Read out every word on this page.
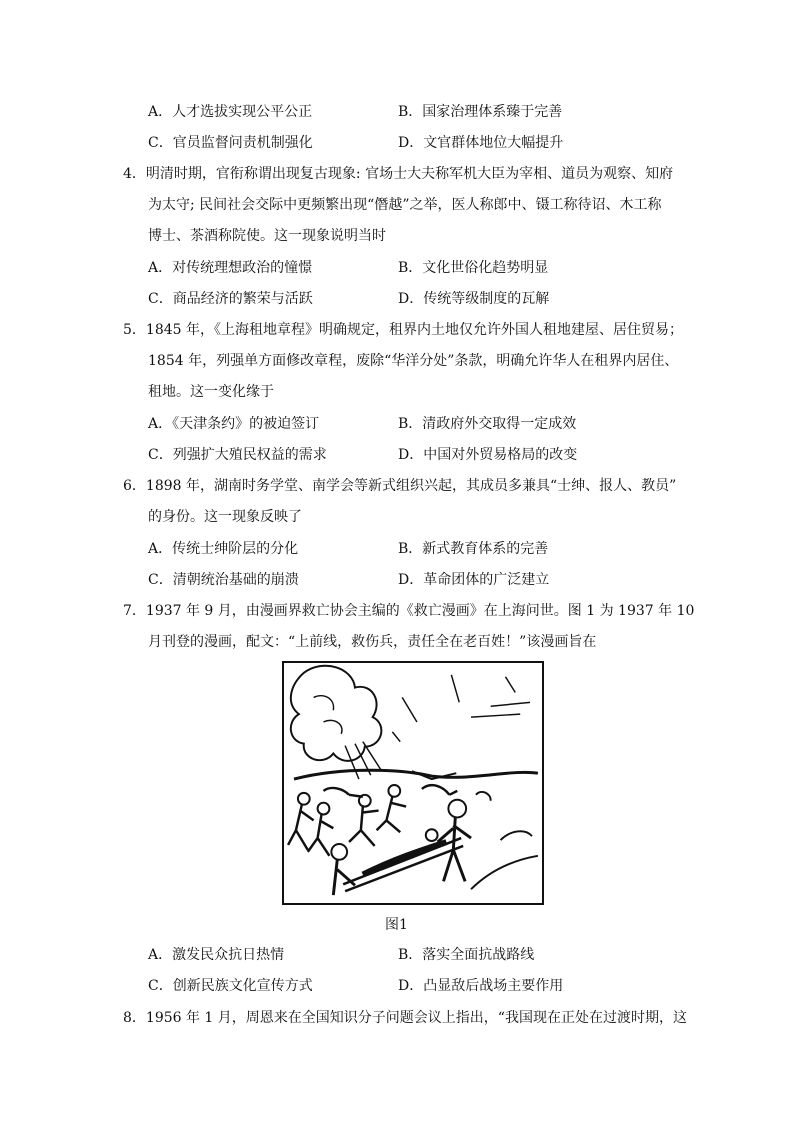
A．人才选拔实现公平公正	B．国家治理体系臻于完善
C．官员监督问责机制强化	D．文官群体地位大幅提升
4．明清时期，官衔称谓出现复古现象: 官场士大夫称军机大臣为宰相、道员为观察、知府
为太守; 民间社会交际中更频繁出现“僭越”之举，医人称郎中、镊工称待诏、木工称
博士、茶酒称院使。这一现象说明当时
A．对传统理想政治的憧憬	B．文化世俗化趋势明显
C．商品经济的繁荣与活跃	D．传统等级制度的瓦解
5．1845 年，《上海租地章程》明确规定，租界内土地仅允许外国人租地建屋、居住贸易；
1854 年，列强单方面修改章程，废除“华洋分处”条款，明确允许华人在租界内居住、
租地。这一变化缘于
A．《天津条约》的被迫签订	B．清政府外交取得一定成效
C．列强扩大殖民权益的需求	D．中国对外贸易格局的改变
6．1898 年，湖南时务学堂、南学会等新式组织兴起，其成员多兼具“士绅、报人、教员”
的身份。这一现象反映了
A．传统士绅阶层的分化	B．新式教育体系的完善
C．清朝统治基础的崩溃	D．革命团体的广泛建立
7．1937 年 9 月，由漫画界救亡协会主编的《救亡漫画》在上海问世。图 1 为 1937 年 10
月刊登的漫画，配文：“上前线，救伤兵，责任全在老百姓！”该漫画旨在
图1
A．激发民众抗日热情	B．落实全面抗战路线
C．创新民族文化宣传方式	D．凸显敌后战场主要作用
8．1956 年 1 月，周恩来在全国知识分子问题会议上指出，“我国现在正处在过渡时期，这
